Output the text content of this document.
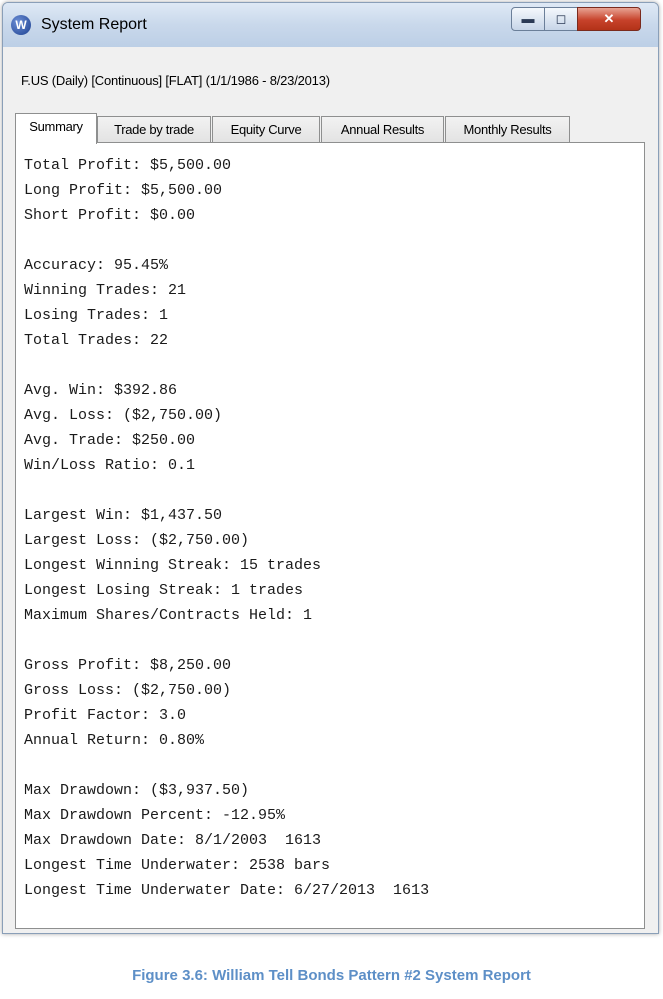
W System Report	▬	◻	✕
F.US (Daily) [Continuous] [FLAT] (1/1/1986 - 8/23/2013)
Summary	Trade by trade	Equity Curve	Annual Results	Monthly Results
Total Profit: $5,500.00
Long Profit: $5,500.00
Short Profit: $0.00
Accuracy: 95.45%
Winning Trades: 21
Losing Trades: 1
Total Trades: 22
Avg. Win: $392.86
Avg. Loss: ($2,750.00)
Avg. Trade: $250.00
Win/Loss Ratio: 0.1
Largest Win: $1,437.50
Largest Loss: ($2,750.00)
Longest Winning Streak: 15 trades
Longest Losing Streak: 1 trades
Maximum Shares/Contracts Held: 1
Gross Profit: $8,250.00
Gross Loss: ($2,750.00)
Profit Factor: 3.0
Annual Return: 0.80%
Max Drawdown: ($3,937.50)
Max Drawdown Percent: -12.95%
Max Drawdown Date: 8/1/2003  1613
Longest Time Underwater: 2538 bars
Longest Time Underwater Date: 6/27/2013  1613
Figure 3.6: William Tell Bonds Pattern #2 System Report
